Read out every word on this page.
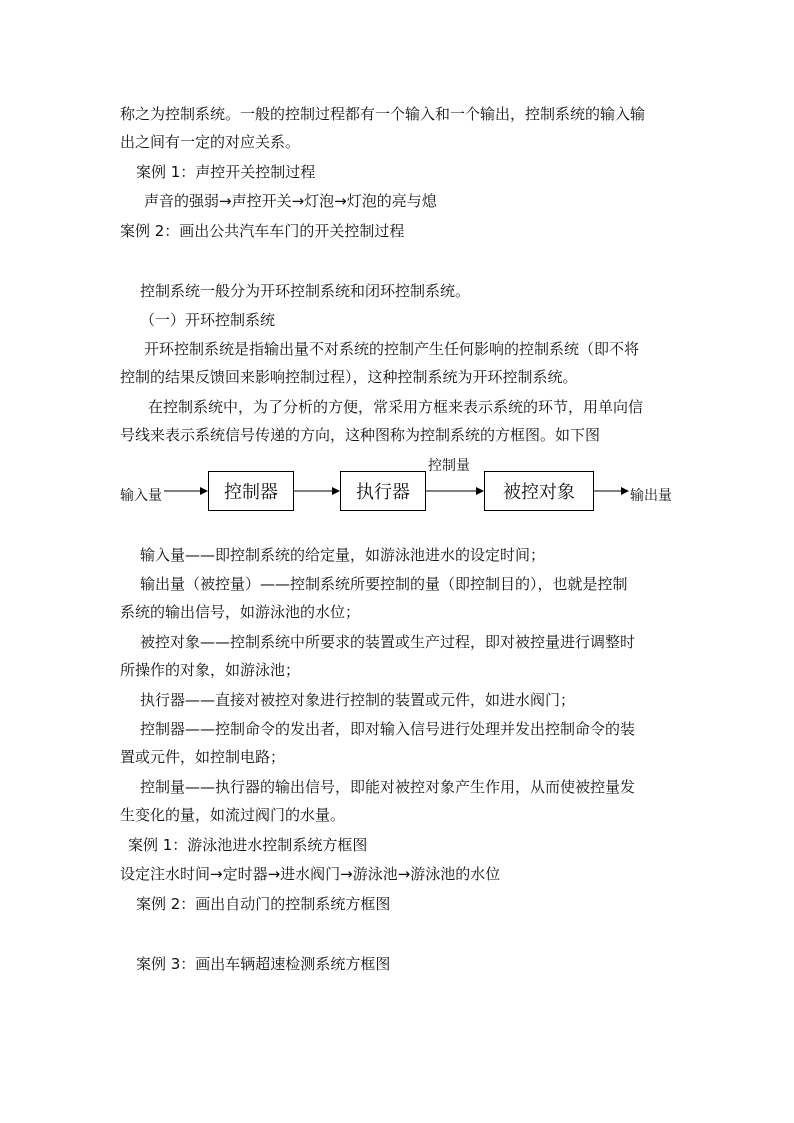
称之为控制系统。一般的控制过程都有一个输入和一个输出，控制系统的输入输
出之间有一定的对应关系。
案例 1：声控开关控制过程
声音的强弱→声控开关→灯泡→灯泡的亮与熄
案例 2：画出公共汽车车门的开关控制过程
控制系统一般分为开环控制系统和闭环控制系统。
（一）开环控制系统
开环控制系统是指输出量不对系统的控制产生任何影响的控制系统（即不将
控制的结果反馈回来影响控制过程），这种控制系统为开环控制系统。
在控制系统中，为了分析的方便，常采用方框来表示系统的环节，用单向信
号线来表示系统信号传递的方向，这种图称为控制系统的方框图。如下图
输入量	控制器	执行器
控制量
被控对象	输出量
输入量——即控制系统的给定量，如游泳池进水的设定时间；
输出量（被控量）——控制系统所要控制的量（即控制目的），也就是控制
系统的输出信号，如游泳池的水位；
被控对象——控制系统中所要求的装置或生产过程，即对被控量进行调整时
所操作的对象，如游泳池；
执行器——直接对被控对象进行控制的装置或元件，如进水阀门；
控制器——控制命令的发出者，即对输入信号进行处理并发出控制命令的装
置或元件，如控制电路；
控制量——执行器的输出信号，即能对被控对象产生作用，从而使被控量发
生变化的量，如流过阀门的水量。
案例 1：游泳池进水控制系统方框图
设定注水时间→定时器→进水阀门→游泳池→游泳池的水位
案例 2：画出自动门的控制系统方框图
案例 3：画出车辆超速检测系统方框图
